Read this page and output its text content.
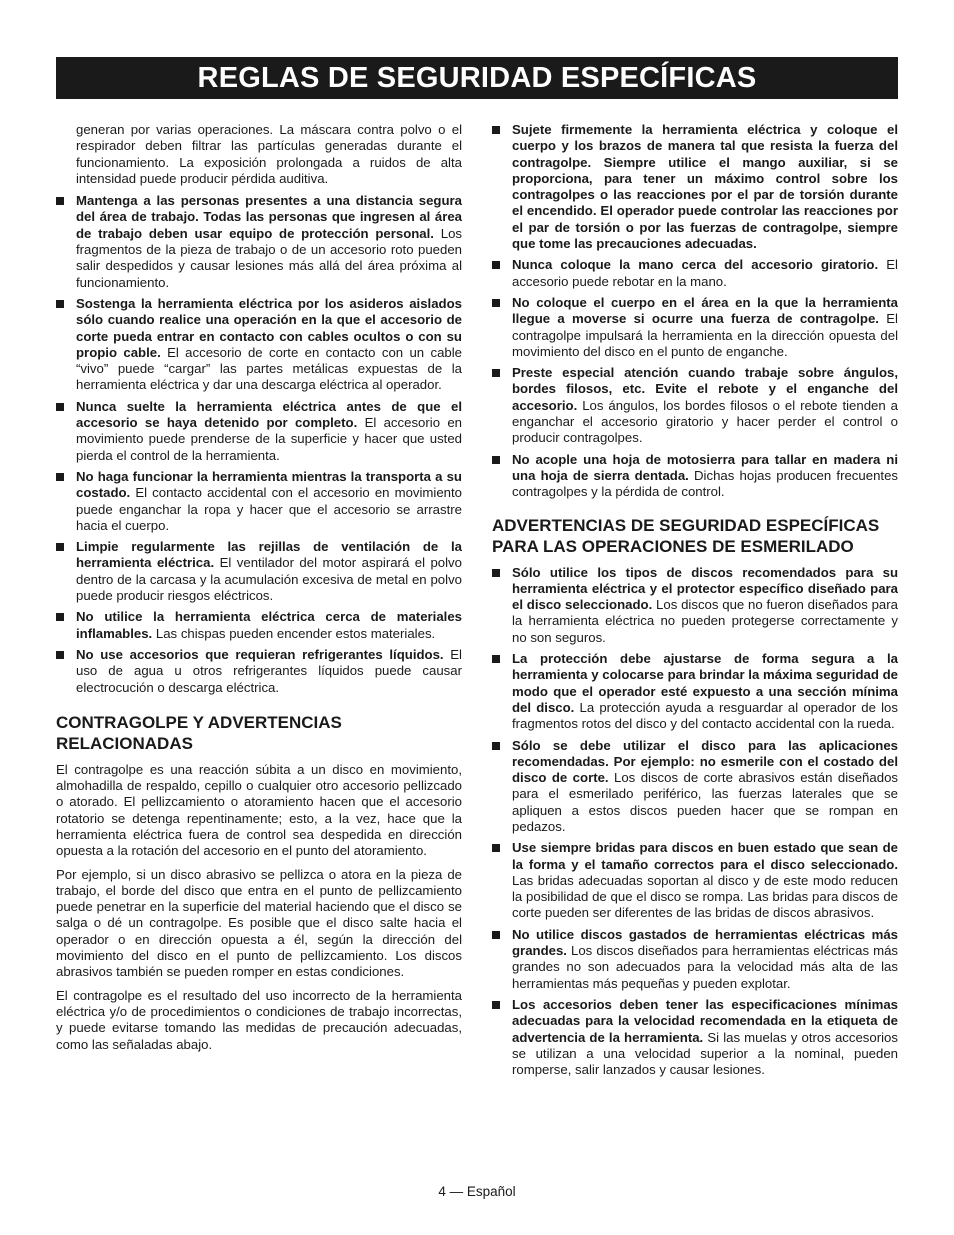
REGLAS DE SEGURIDAD ESPECÍFICAS

generan por varias operaciones. La máscara contra polvo o el respirador deben filtrar las partículas generadas durante el funcionamiento. La exposición prolongada a ruidos de alta intensidad puede producir pérdida auditiva.

Mantenga a las personas presentes a una distancia segura del área de trabajo. Todas las personas que ingresen al área de trabajo deben usar equipo de protección personal. Los fragmentos de la pieza de trabajo o de un accesorio roto pueden salir despedidos y causar lesiones más allá del área próxima al funcionamiento.
Sostenga la herramienta eléctrica por los asideros aislados sólo cuando realice una operación en la que el accesorio de corte pueda entrar en contacto con cables ocultos o con su propio cable. El accesorio de corte en contacto con un cable “vivo” puede “cargar” las partes metálicas expuestas de la herramienta eléctrica y dar una descarga eléctrica al operador.
Nunca suelte la herramienta eléctrica antes de que el accesorio se haya detenido por completo. El accesorio en movimiento puede prenderse de la superficie y hacer que usted pierda el control de la herramienta.
No haga funcionar la herramienta mientras la transporta a su costado. El contacto accidental con el accesorio en movimiento puede enganchar la ropa y hacer que el accesorio se arrastre hacia el cuerpo.
Limpie regularmente las rejillas de ventilación de la herramienta eléctrica. El ventilador del motor aspirará el polvo dentro de la carcasa y la acumulación excesiva de metal en polvo puede producir riesgos eléctricos.
No utilice la herramienta eléctrica cerca de materiales inflamables. Las chispas pueden encender estos materiales.
No use accesorios que requieran refrigerantes líquidos. El uso de agua u otros refrigerantes líquidos puede causar electrocución o descarga eléctrica.
CONTRAGOLPE Y ADVERTENCIAS RELACIONADAS

El contragolpe es una reacción súbita a un disco en movimiento, almohadilla de respaldo, cepillo o cualquier otro accesorio pellizcado o atorado. El pellizcamiento o atoramiento hacen que el accesorio rotatorio se detenga repentinamente; esto, a la vez, hace que la herramienta eléctrica fuera de control sea despedida en dirección opuesta a la rotación del accesorio en el punto del atoramiento.

Por ejemplo, si un disco abrasivo se pellizca o atora en la pieza de trabajo, el borde del disco que entra en el punto de pellizcamiento puede penetrar en la superficie del material haciendo que el disco se salga o dé un contragolpe. Es posible que el disco salte hacia el operador o en dirección opuesta a él, según la dirección del movimiento del disco en el punto de pellizcamiento. Los discos abrasivos también se pueden romper en estas condiciones.

El contragolpe es el resultado del uso incorrecto de la herramienta eléctrica y/o de procedimientos o condiciones de trabajo incorrectas, y puede evitarse tomando las medidas de precaución adecuadas, como las señaladas abajo.

Sujete firmemente la herramienta eléctrica y coloque el cuerpo y los brazos de manera tal que resista la fuerza del contragolpe. Siempre utilice el mango auxiliar, si se proporciona, para tener un máximo control sobre los contragolpes o las reacciones por el par de torsión durante el encendido. El operador puede controlar las reacciones por el par de torsión o por las fuerzas de contragolpe, siempre que tome las precauciones adecuadas.
Nunca coloque la mano cerca del accesorio giratorio. El accesorio puede rebotar en la mano.
No coloque el cuerpo en el área en la que la herramienta llegue a moverse si ocurre una fuerza de contragolpe. El contragolpe impulsará la herramienta en la dirección opuesta del movimiento del disco en el punto de enganche.
Preste especial atención cuando trabaje sobre ángulos, bordes filosos, etc. Evite el rebote y el enganche del accesorio. Los ángulos, los bordes filosos o el rebote tienden a enganchar el accesorio giratorio y hacer perder el control o producir contragolpes.
No acople una hoja de motosierra para tallar en madera ni una hoja de sierra dentada. Dichas hojas producen frecuentes contragolpes y la pérdida de control.
ADVERTENCIAS DE SEGURIDAD ESPECÍFICAS PARA LAS OPERACIONES DE ESMERILADO
Sólo utilice los tipos de discos recomendados para su herramienta eléctrica y el protector específico diseñado para el disco seleccionado. Los discos que no fueron diseñados para la herramienta eléctrica no pueden protegerse correctamente y no son seguros.
La protección debe ajustarse de forma segura a la herramienta y colocarse para brindar la máxima seguridad de modo que el operador esté expuesto a una sección mínima del disco. La protección ayuda a resguardar al operador de los fragmentos rotos del disco y del contacto accidental con la rueda.
Sólo se debe utilizar el disco para las aplicaciones recomendadas. Por ejemplo: no esmerile con el costado del disco de corte. Los discos de corte abrasivos están diseñados para el esmerilado periférico, las fuerzas laterales que se apliquen a estos discos pueden hacer que se rompan en pedazos.
Use siempre bridas para discos en buen estado que sean de la forma y el tamaño correctos para el disco seleccionado. Las bridas adecuadas soportan al disco y de este modo reducen la posibilidad de que el disco se rompa. Las bridas para discos de corte pueden ser diferentes de las bridas de discos abrasivos.
No utilice discos gastados de herramientas eléctricas más grandes. Los discos diseñados para herramientas eléctricas más grandes no son adecuados para la velocidad más alta de las herramientas más pequeñas y pueden explotar.
Los accesorios deben tener las especificaciones mínimas adecuadas para la velocidad recomendada en la etiqueta de advertencia de la herramienta. Si las muelas y otros accesorios se utilizan a una velocidad superior a la nominal, pueden romperse, salir lanzados y causar lesiones.
4 — Español
